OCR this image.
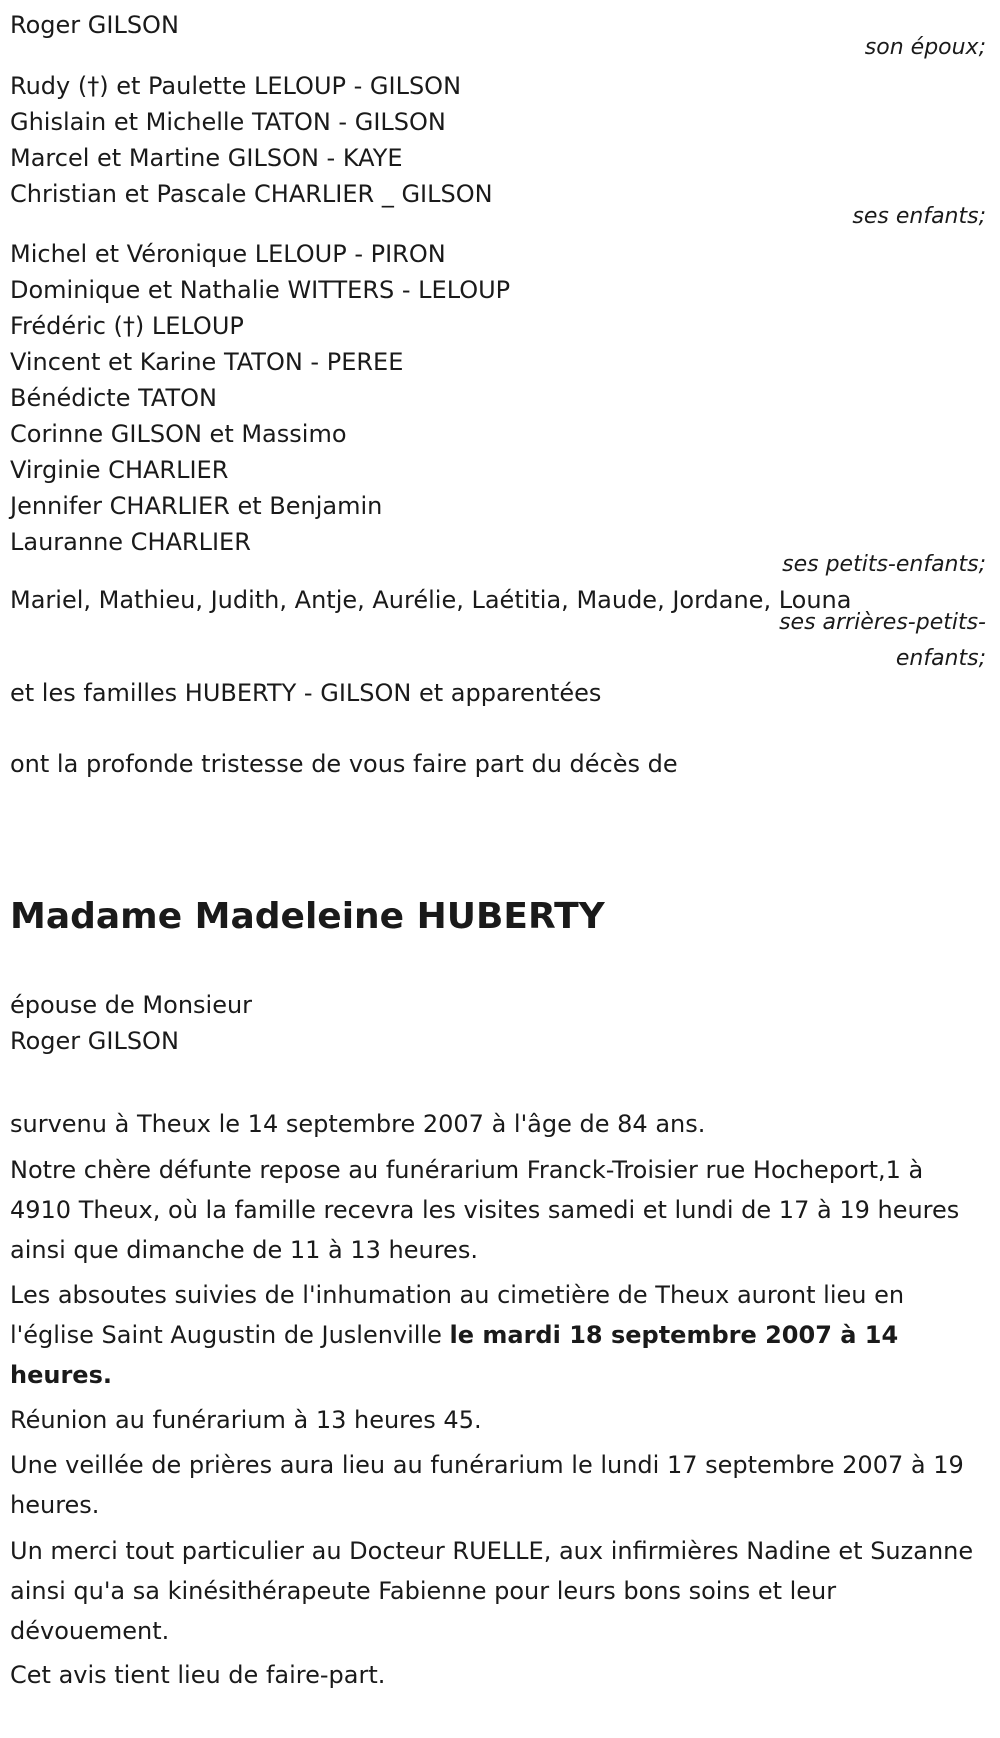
Roger GILSON
son époux;
Rudy (†) et Paulette LELOUP - GILSON
Ghislain et Michelle TATON - GILSON
Marcel et Martine GILSON - KAYE
Christian et Pascale CHARLIER _ GILSON
ses enfants;
Michel et Véronique LELOUP - PIRON
Dominique et Nathalie WITTERS - LELOUP
Frédéric (†) LELOUP
Vincent et Karine TATON - PEREE
Bénédicte TATON
Corinne GILSON et Massimo
Virginie CHARLIER
Jennifer CHARLIER et Benjamin
Lauranne CHARLIER
ses petits-enfants;
Mariel, Mathieu, Judith, Antje, Aurélie, Laétitia, Maude, Jordane, Louna
ses arrières-petits-
enfants;
et les familles HUBERTY - GILSON et apparentées
ont la profonde tristesse de vous faire part du décès de
Madame Madeleine HUBERTY
épouse de Monsieur
Roger GILSON
survenu à Theux le 14 septembre 2007 à l'âge de 84 ans.
Notre chère défunte repose au funérarium Franck-Troisier rue Hocheport,1 à 4910 Theux, où la famille recevra les visites samedi et lundi de 17 à 19 heures ainsi que dimanche de 11 à 13 heures.
Les absoutes suivies de l'inhumation au cimetière de Theux auront lieu en l'église Saint Augustin de Juslenville le mardi 18 septembre 2007 à 14 heures.
Réunion au funérarium à 13 heures 45.
Une veillée de prières aura lieu au funérarium le lundi 17 septembre 2007 à 19 heures.
Un merci tout particulier au Docteur RUELLE, aux infirmières Nadine et Suzanne ainsi qu'a sa kinésithérapeute Fabienne pour leurs bons soins et leur dévouement.
Cet avis tient lieu de faire-part.
